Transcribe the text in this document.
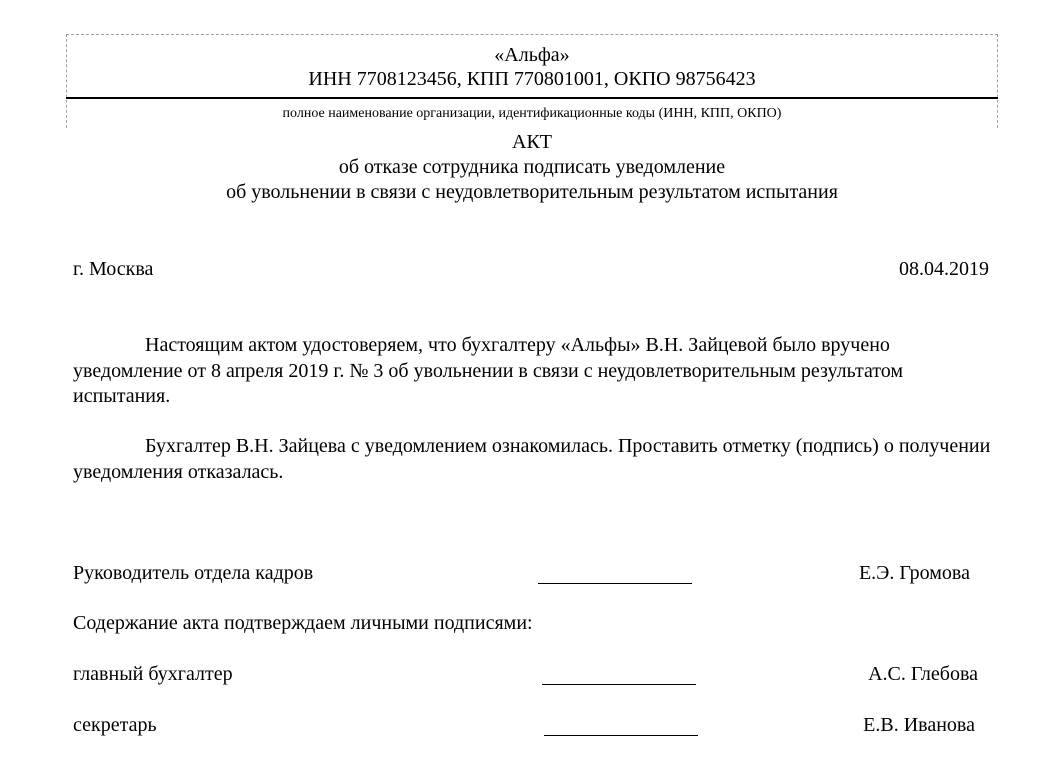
«Альфа»
ИНН 7708123456, КПП 770801001, ОКПО 98756423
полное наименование организации, идентификационные коды (ИНН, КПП, ОКПО)
АКТ
об отказе сотрудника подписать уведомление
об увольнении в связи с неудовлетворительным результатом испытания
г. Москва	08.04.2019

Настоящим актом удостоверяем, что бухгалтеру «Альфы» В.Н. Зайцевой было вручено уведомление от 8 апреля 2019 г. № 3 об увольнении в связи с неудовлетворительным результатом испытания.

Бухгалтер В.Н. Зайцева с уведомлением ознакомилась. Проставить отметку (подпись) о получении уведомления отказалась.

Руководитель отдела кадров	Е.Э. Громова
Содержание акта подтверждаем личными подписями:
главный бухгалтер	А.С. Глебова
секретарь	Е.В. Иванова
